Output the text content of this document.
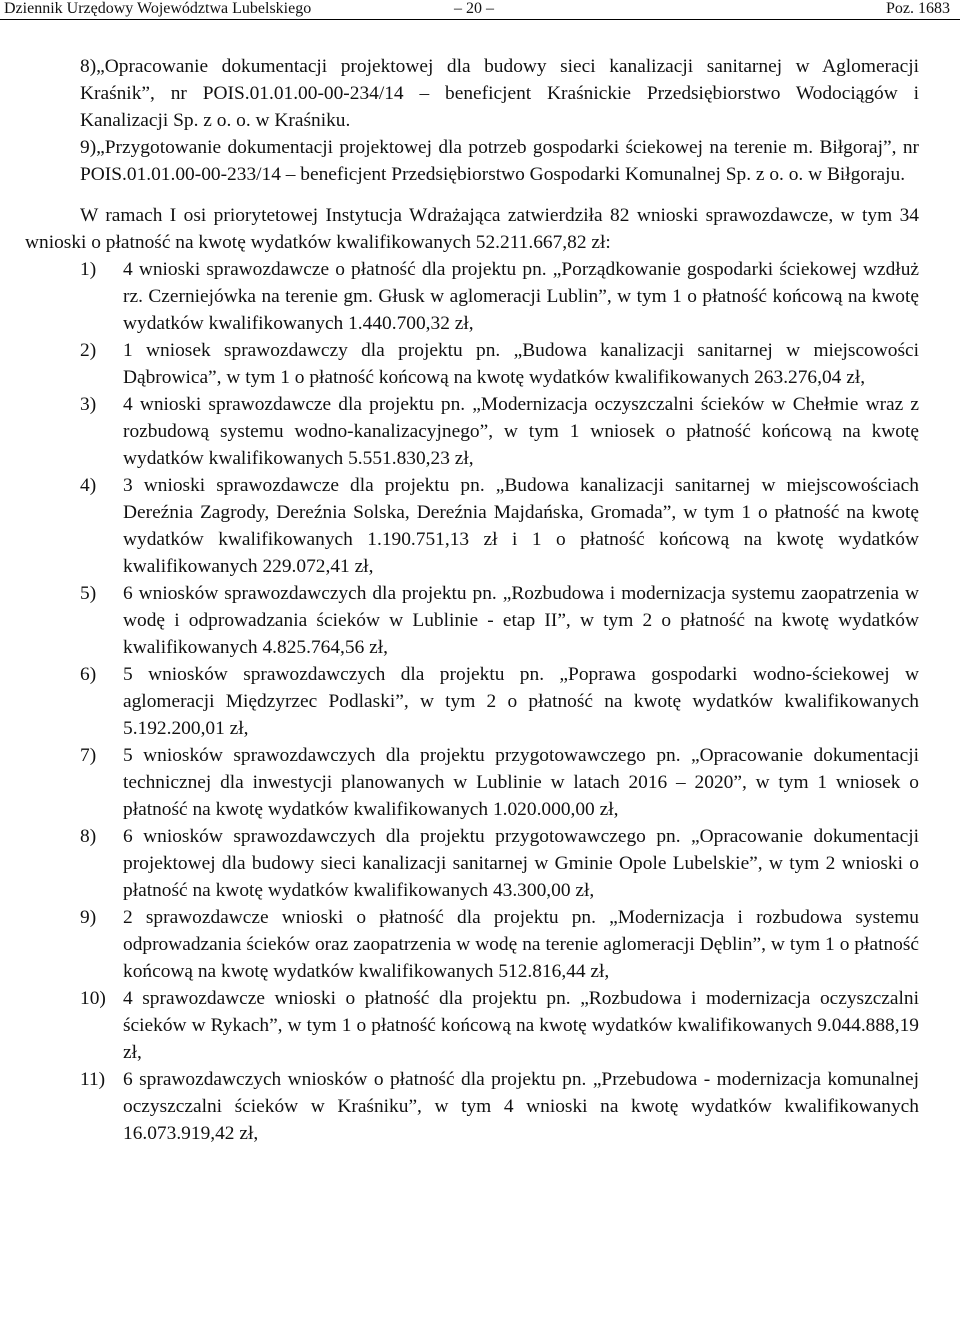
Dziennik Urzędowy Województwa Lubelskiego	– 20 –	Poz. 1683

8)„Opracowanie dokumentacji projektowej dla budowy sieci kanalizacji sanitarnej w Aglomeracji Kraśnik”, nr POIS.01.01.00-00-234/14 – beneficjent Kraśnickie Przedsiębiorstwo Wodociągów i Kanalizacji Sp. z o. o. w Kraśniku.

9)„Przygotowanie dokumentacji projektowej dla potrzeb gospodarki ściekowej na terenie m. Biłgoraj”, nr POIS.01.01.00-00-233/14 – beneficjent Przedsiębiorstwo Gospodarki Komunalnej Sp. z o. o. w Biłgoraju.

W ramach I osi priorytetowej Instytucja Wdrażająca zatwierdziła 82 wnioski sprawozdawcze, w tym 34 wnioski o płatność na kwotę wydatków kwalifikowanych 52.211.667,82 zł:

1) 4 wnioski sprawozdawcze o płatność dla projektu pn. „Porządkowanie gospodarki ściekowej wzdłuż rz. Czerniejówka na terenie gm. Głusk w aglomeracji Lublin”, w tym 1 o płatność końcową na kwotę wydatków kwalifikowanych 1.440.700,32 zł,

2) 1 wniosek sprawozdawczy dla projektu pn. „Budowa kanalizacji sanitarnej w miejscowości Dąbrowica”, w tym 1 o płatność końcową na kwotę wydatków kwalifikowanych 263.276,04 zł,

3) 4 wnioski sprawozdawcze dla projektu pn. „Modernizacja oczyszczalni ścieków w Chełmie wraz z rozbudową systemu wodno-kanalizacyjnego”, w tym 1 wniosek o płatność końcową na kwotę wydatków kwalifikowanych 5.551.830,23 zł,

4) 3 wnioski sprawozdawcze dla projektu pn. „Budowa kanalizacji sanitarnej w miejscowościach Dereźnia Zagrody, Dereźnia Solska, Dereźnia Majdańska, Gromada”, w tym 1 o płatność na kwotę wydatków kwalifikowanych 1.190.751,13 zł i 1 o płatność końcową na kwotę wydatków kwalifikowanych 229.072,41 zł,

5) 6 wniosków sprawozdawczych dla projektu pn. „Rozbudowa i modernizacja systemu zaopatrzenia w wodę i odprowadzania ścieków w Lublinie - etap II”, w tym 2 o płatność na kwotę wydatków kwalifikowanych 4.825.764,56 zł,

6) 5 wniosków sprawozdawczych dla projektu pn. „Poprawa gospodarki wodno-ściekowej w aglomeracji Międzyrzec Podlaski”, w tym 2 o płatność na kwotę wydatków kwalifikowanych 5.192.200,01 zł,

7) 5 wniosków sprawozdawczych dla projektu przygotowawczego pn. „Opracowanie dokumentacji technicznej dla inwestycji planowanych w Lublinie w latach 2016 – 2020”, w tym 1 wniosek o płatność na kwotę wydatków kwalifikowanych 1.020.000,00 zł,

8) 6 wniosków sprawozdawczych dla projektu przygotowawczego pn. „Opracowanie dokumentacji projektowej dla budowy sieci kanalizacji sanitarnej w Gminie Opole Lubelskie”, w tym 2 wnioski o płatność na kwotę wydatków kwalifikowanych 43.300,00 zł,

9) 2 sprawozdawcze wnioski o płatność dla projektu pn. „Modernizacja i rozbudowa systemu odprowadzania ścieków oraz zaopatrzenia w wodę na terenie aglomeracji Dęblin”, w tym 1 o płatność końcową na kwotę wydatków kwalifikowanych 512.816,44 zł,

10) 4 sprawozdawcze wnioski o płatność dla projektu pn. „Rozbudowa i modernizacja oczyszczalni ścieków w Rykach”, w tym 1 o płatność końcową na kwotę wydatków kwalifikowanych 9.044.888,19 zł,

11) 6 sprawozdawczych wniosków o płatność dla projektu pn. „Przebudowa - modernizacja komunalnej oczyszczalni ścieków w Kraśniku”, w tym 4 wnioski na kwotę wydatków kwalifikowanych 16.073.919,42 zł,
